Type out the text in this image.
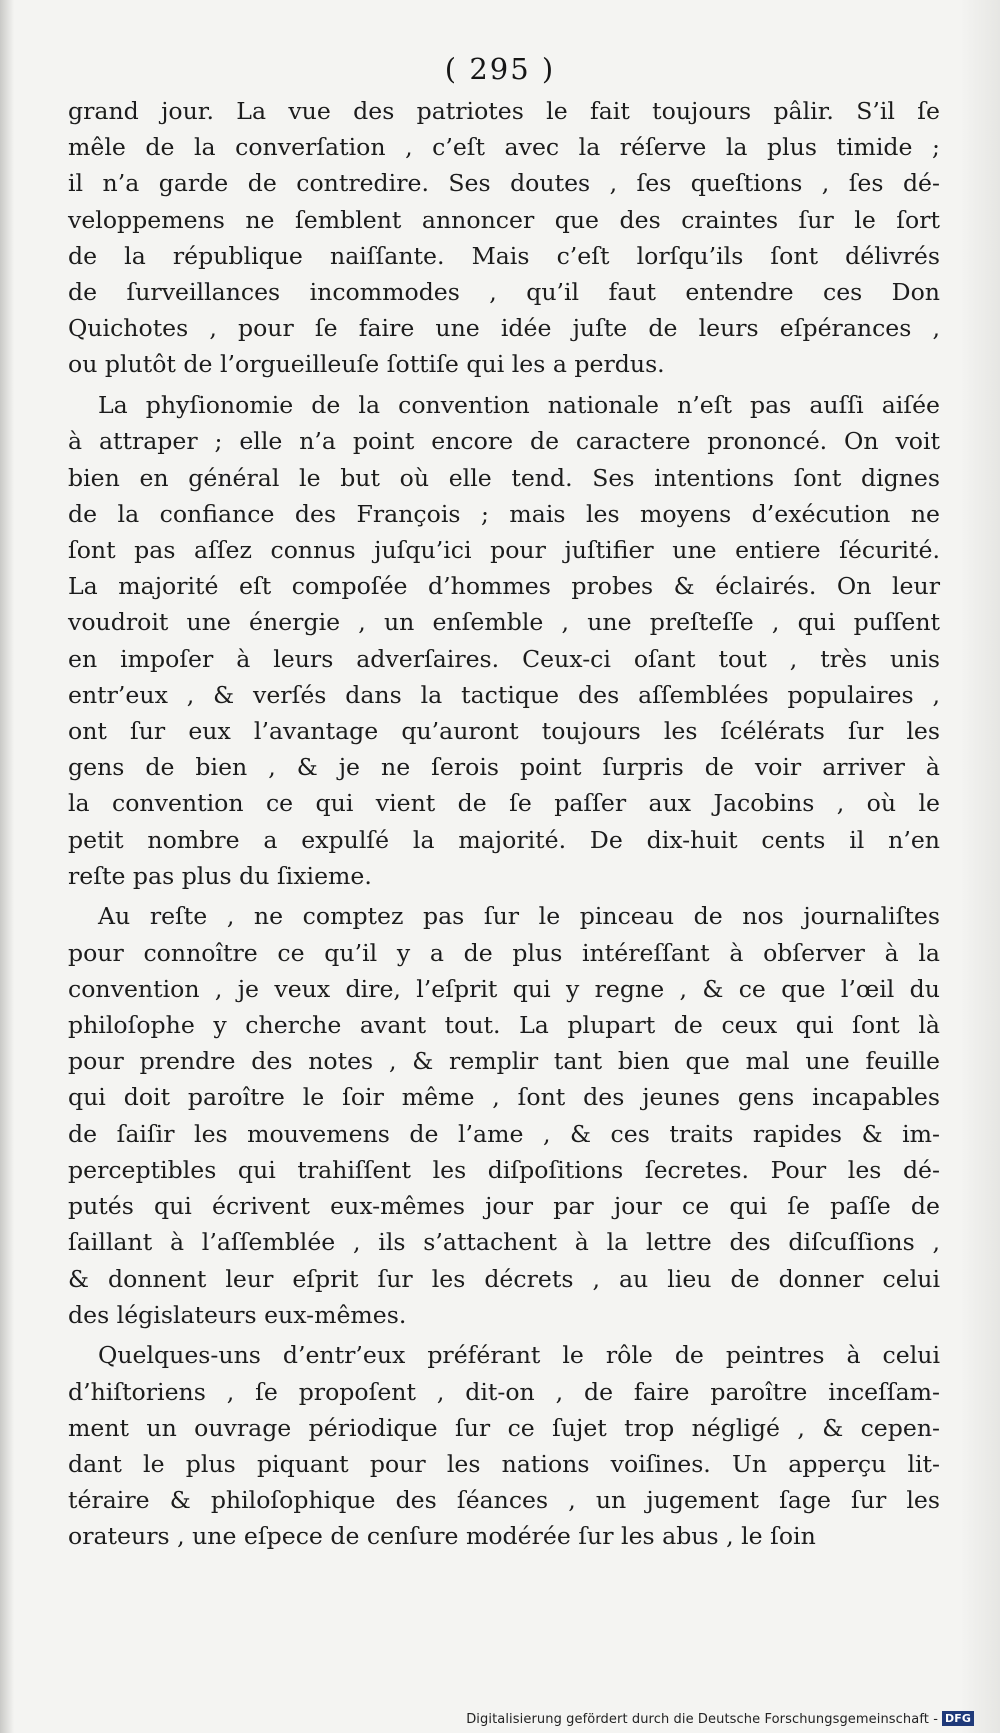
( 295 )
grand jour. La vue des patriotes le fait toujours pâlir. S’il ſe
mêle de la converſation , c’eſt avec la réſerve la plus timide ;
il n’a garde de contredire. Ses doutes , ſes queſtions , ſes dé-
veloppemens ne ſemblent annoncer que des craintes ſur le ſort
de la république naiſſante. Mais c’eſt lorſqu’ils ſont délivrés
de ſurveillances incommodes , qu’il faut entendre ces Don
Quichotes , pour ſe faire une idée juſte de leurs eſpérances ,
ou plutôt de l’orgueilleuſe ſottiſe qui les a perdus.
La phyſionomie de la convention nationale n’eſt pas auſſi aiſée
à attraper ; elle n’a point encore de caractere prononcé. On voit
bien en général le but où elle tend. Ses intentions ſont dignes
de la confiance des François ; mais les moyens d’exécution ne
ſont pas aſſez connus juſqu’ici pour juſtifier une entiere ſécurité.
La majorité eſt compoſée d’hommes probes & éclairés. On leur
voudroit une énergie , un enſemble , une preſteſſe , qui puſſent
en impoſer à leurs adverſaires. Ceux-ci oſant tout , très unis
entr’eux , & verſés dans la tactique des aſſemblées populaires ,
ont ſur eux l’avantage qu’auront toujours les ſcélérats ſur les
gens de bien , & je ne ſerois point ſurpris de voir arriver à
la convention ce qui vient de ſe paſſer aux Jacobins , où le
petit nombre a expulſé la majorité. De dix-huit cents il n’en
reſte pas plus du ſixieme.
Au reſte , ne comptez pas ſur le pinceau de nos journaliſtes
pour connoître ce qu’il y a de plus intéreſſant à obſerver à la
convention , je veux dire, l’eſprit qui y regne , & ce que l’œil du
philoſophe y cherche avant tout. La plupart de ceux qui ſont là
pour prendre des notes , & remplir tant bien que mal une feuille
qui doit paroître le ſoir même , ſont des jeunes gens incapables
de ſaiſir les mouvemens de l’ame , & ces traits rapides & im-
perceptibles qui trahiſſent les diſpoſitions ſecretes. Pour les dé-
putés qui écrivent eux-mêmes jour par jour ce qui ſe paſſe de
ſaillant à l’aſſemblée , ils s’attachent à la lettre des diſcuſſions ,
& donnent leur eſprit ſur les décrets , au lieu de donner celui
des législateurs eux-mêmes.
Quelques-uns d’entr’eux préférant le rôle de peintres à celui
d’hiſtoriens , ſe propoſent , dit-on , de faire paroître inceſſam-
ment un ouvrage périodique ſur ce ſujet trop négligé , & cepen-
dant le plus piquant pour les nations voiſines. Un apperçu lit-
téraire & philoſophique des ſéances , un jugement ſage ſur les
orateurs , une eſpece de cenſure modérée ſur les abus , le ſoin
Digitalisierung gefördert durch die Deutsche Forschungsgemeinschaft - DFG
